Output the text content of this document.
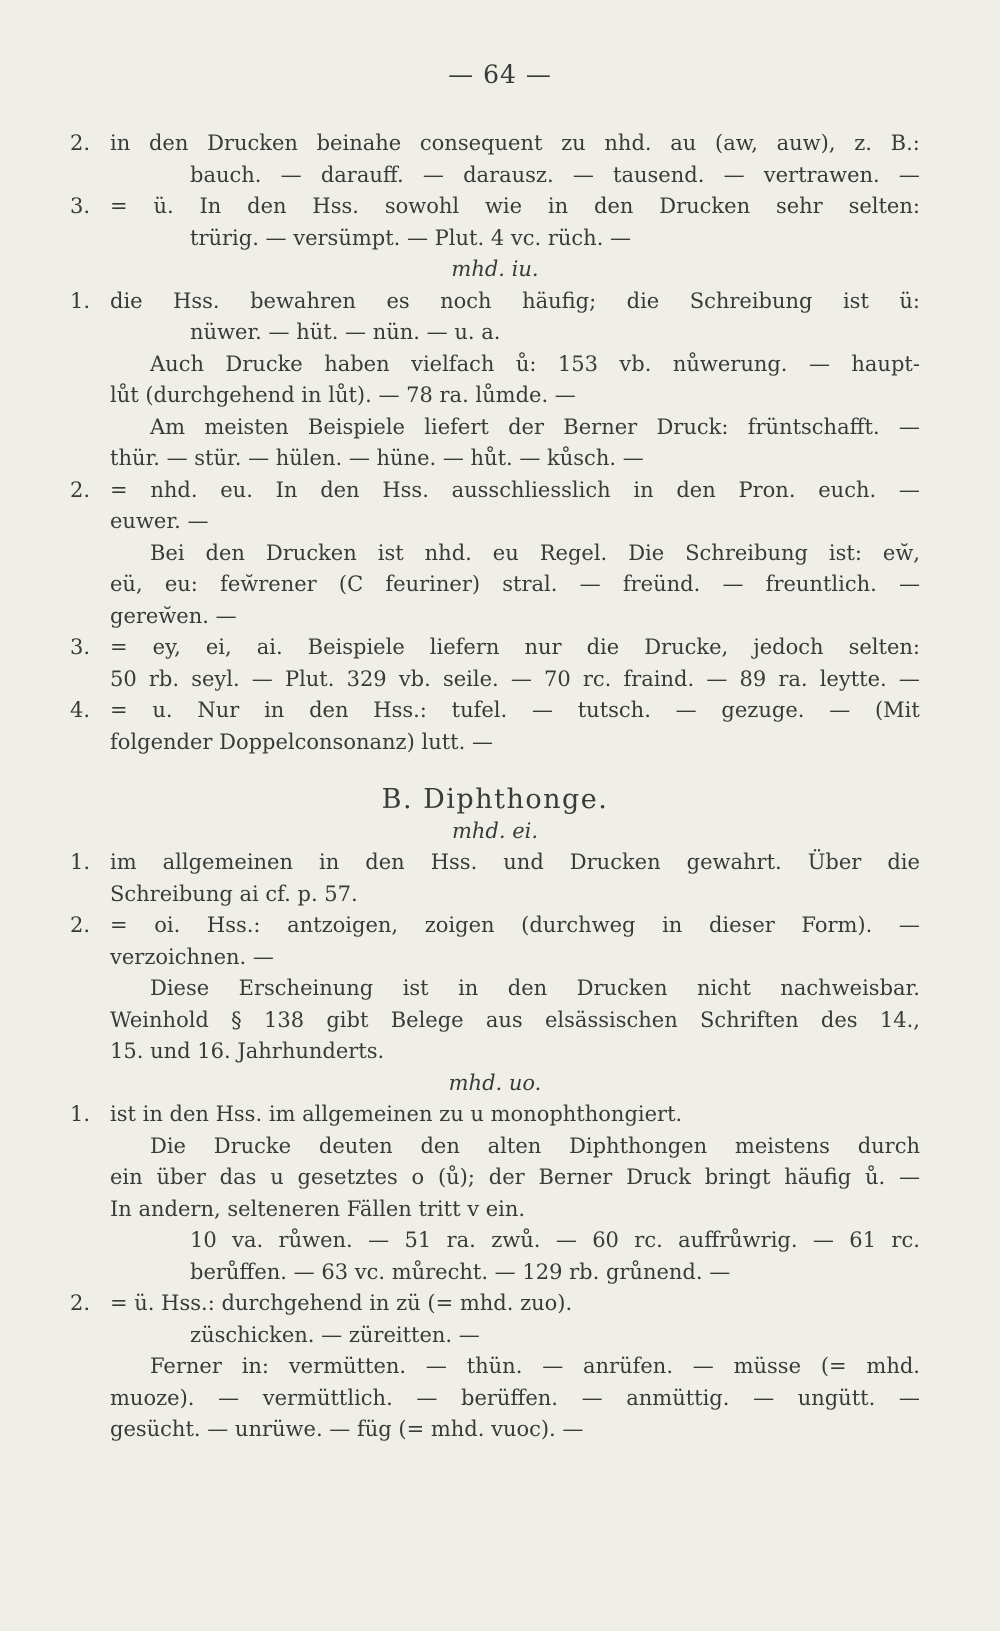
— 64 —
2. in den Drucken beinahe consequent zu nhd. au (aw, auw), z. B.:
bauch. — darauff. — darausz. — tausend. — vertrawen. —
3. = ü. In den Hss. sowohl wie in den Drucken sehr selten:
trürig. — versümpt. — Plut. 4 vc. rüch. —
mhd. iu.
1. die Hss. bewahren es noch häufig; die Schreibung ist ü:
nüwer. — hüt. — nün. — u. a.
Auch Drucke haben vielfach ů: 153 vb. nůwerung. — haupt-
lůt (durchgehend in lůt). — 78 ra. lůmde. —
Am meisten Beispiele liefert der Berner Druck: früntschafft. —
thür. — stür. — hülen. — hüne. — hůt. — kůsch. —
2. = nhd. eu. In den Hss. ausschliesslich in den Pron. euch. —
euwer. —
Bei den Drucken ist nhd. eu Regel. Die Schreibung ist: ew̆,
eü, eu: few̆rener (C feuriner) stral. — freünd. — freuntlich. —
gerew̆en. —
3. = ey, ei, ai. Beispiele liefern nur die Drucke, jedoch selten:
50 rb. seyl. — Plut. 329 vb. seile. — 70 rc. fraind. — 89 ra. leytte. —
4. = u. Nur in den Hss.: tufel. — tutsch. — gezuge. — (Mit
folgender Doppelconsonanz) lutt. —
B. Diphthonge.
mhd. ei.
1. im allgemeinen in den Hss. und Drucken gewahrt. Über die
Schreibung ai cf. p. 57.
2. = oi. Hss.: antzoigen, zoigen (durchweg in dieser Form). —
verzoichnen. —
Diese Erscheinung ist in den Drucken nicht nachweisbar.
Weinhold § 138 gibt Belege aus elsässischen Schriften des 14.,
15. und 16. Jahrhunderts.
mhd. uo.
1. ist in den Hss. im allgemeinen zu u monophthongiert.
Die Drucke deuten den alten Diphthongen meistens durch
ein über das u gesetztes o (ů); der Berner Druck bringt häufig ů. —
In andern, selteneren Fällen tritt v ein.
10 va. růwen. — 51 ra. zwů. — 60 rc. auffrůwrig. — 61 rc.
berůffen. — 63 vc. můrecht. — 129 rb. grůnend. —
2. = ü. Hss.: durchgehend in zü (= mhd. zuo).
züschicken. — züreitten. —
Ferner in: vermütten. — thün. — anrüfen. — müsse (= mhd.
muoze). — vermüttlich. — berüffen. — anmüttig. — ungütt. —
gesücht. — unrüwe. — füg (= mhd. vuoc). —
